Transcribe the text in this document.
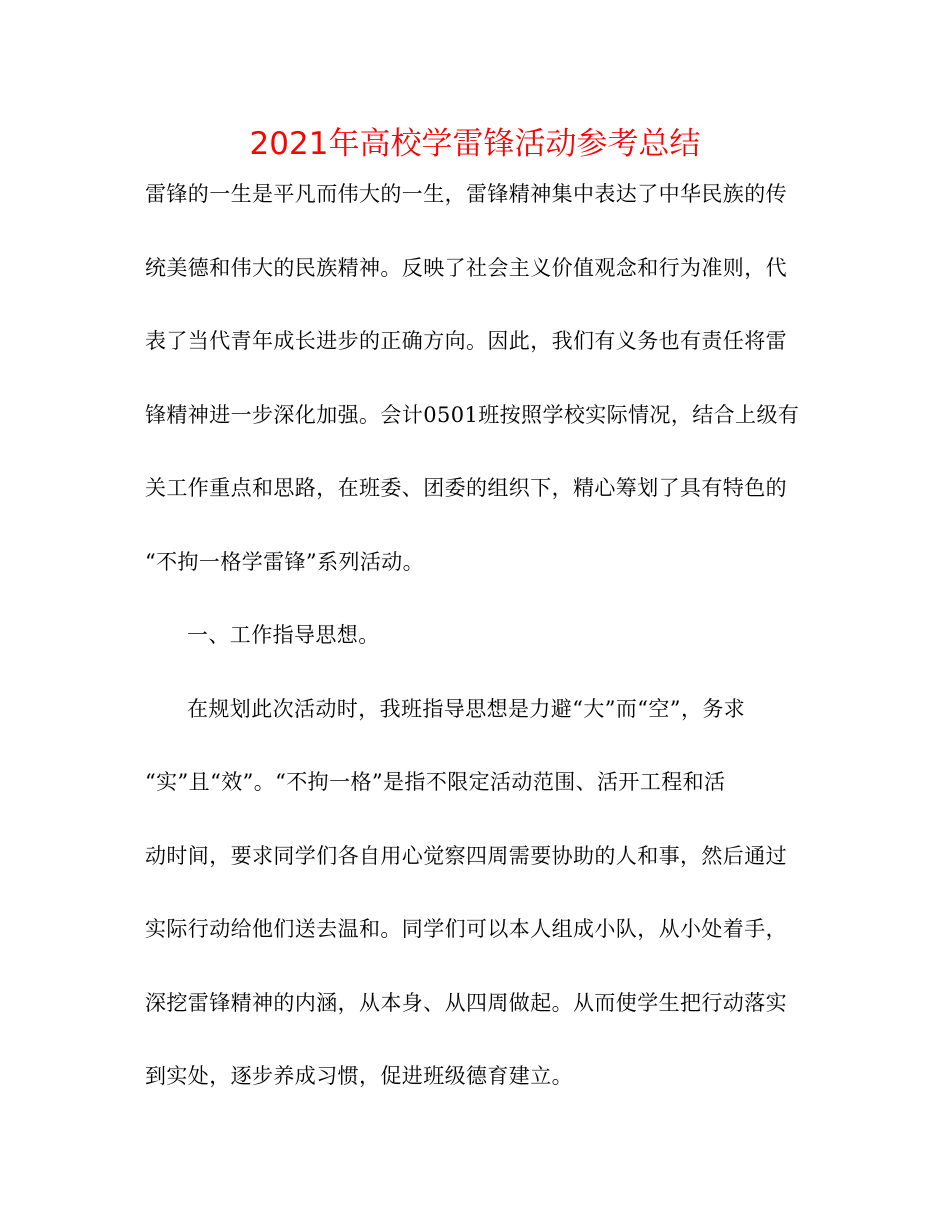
2021年高校学雷锋活动参考总结
雷锋的一生是平凡而伟大的一生，雷锋精神集中表达了中华民族的传
统美德和伟大的民族精神。反映了社会主义价值观念和行为准则，代
表了当代青年成长进步的正确方向。因此，我们有义务也有责任将雷
锋精神进一步深化加强。会计0501班按照学校实际情况，结合上级有
关工作重点和思路，在班委、团委的组织下，精心筹划了具有特色的
“不拘一格学雷锋”系列活动。
一、工作指导思想。
在规划此次活动时，我班指导思想是力避“大”而“空”，务求
“实”且“效”。“不拘一格”是指不限定活动范围、活开工程和活
动时间，要求同学们各自用心觉察四周需要协助的人和事，然后通过
实际行动给他们送去温和。同学们可以本人组成小队，从小处着手，
深挖雷锋精神的内涵，从本身、从四周做起。从而使学生把行动落实
到实处，逐步养成习惯，促进班级德育建立。
